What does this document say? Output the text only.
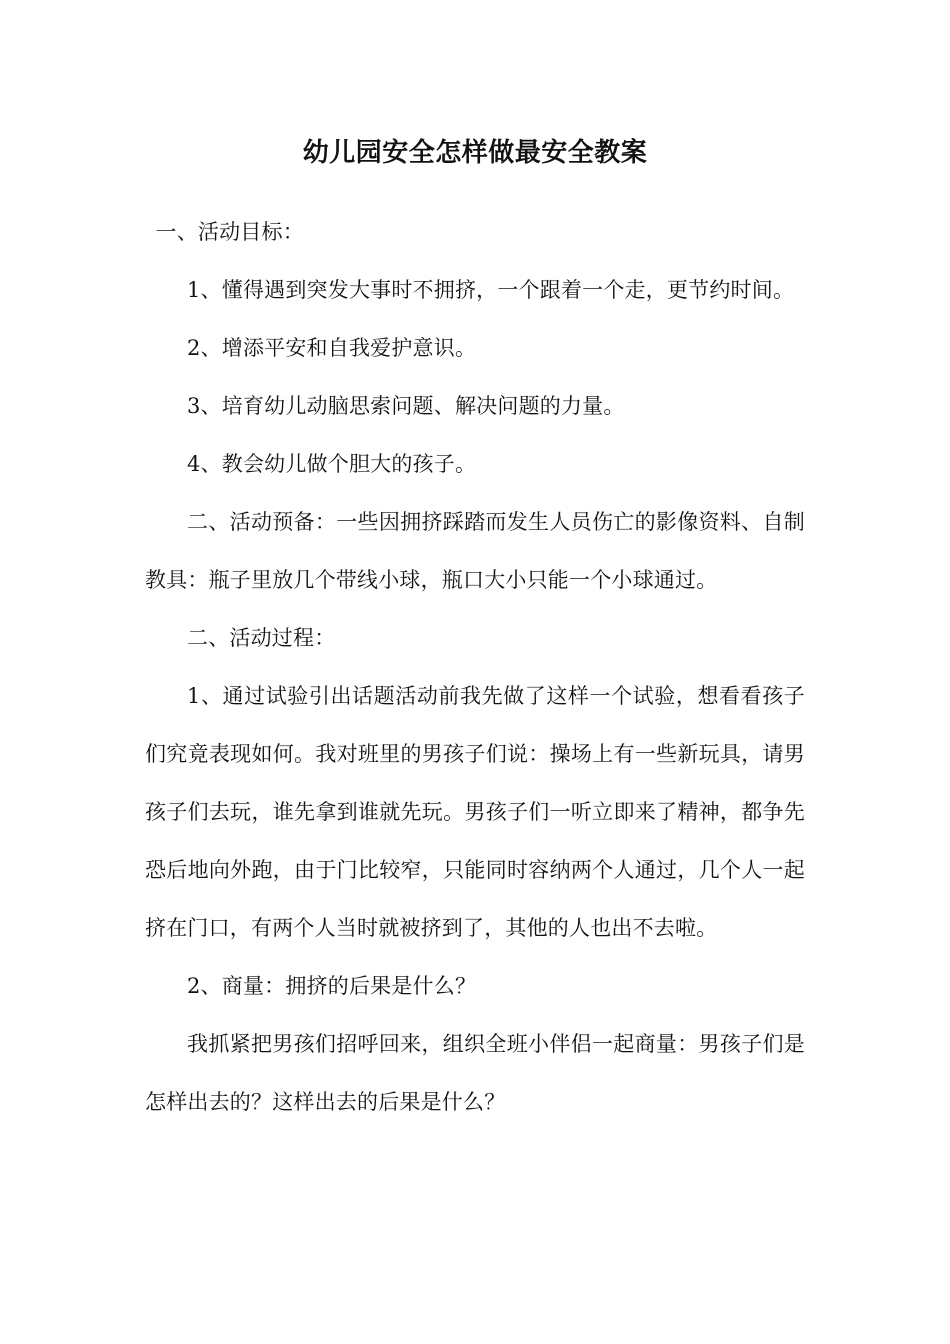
幼儿园安全怎样做最安全教案

一、活动目标：

1、懂得遇到突发大事时不拥挤，一个跟着一个走，更节约时间。

2、增添平安和自我爱护意识。

3、培育幼儿动脑思索问题、解决问题的力量。

4、教会幼儿做个胆大的孩子。

二、活动预备：一些因拥挤踩踏而发生人员伤亡的影像资料、自制教具：瓶子里放几个带线小球，瓶口大小只能一个小球通过。

二、活动过程：

1、通过试验引出话题活动前我先做了这样一个试验，想看看孩子们究竟表现如何。我对班里的男孩子们说：操场上有一些新玩具，请男孩子们去玩，谁先拿到谁就先玩。男孩子们一听立即来了精神，都争先恐后地向外跑，由于门比较窄，只能同时容纳两个人通过，几个人一起挤在门口，有两个人当时就被挤到了，其他的人也出不去啦。

2、商量：拥挤的后果是什么？

我抓紧把男孩们招呼回来，组织全班小伴侣一起商量：男孩子们是怎样出去的？这样出去的后果是什么？
